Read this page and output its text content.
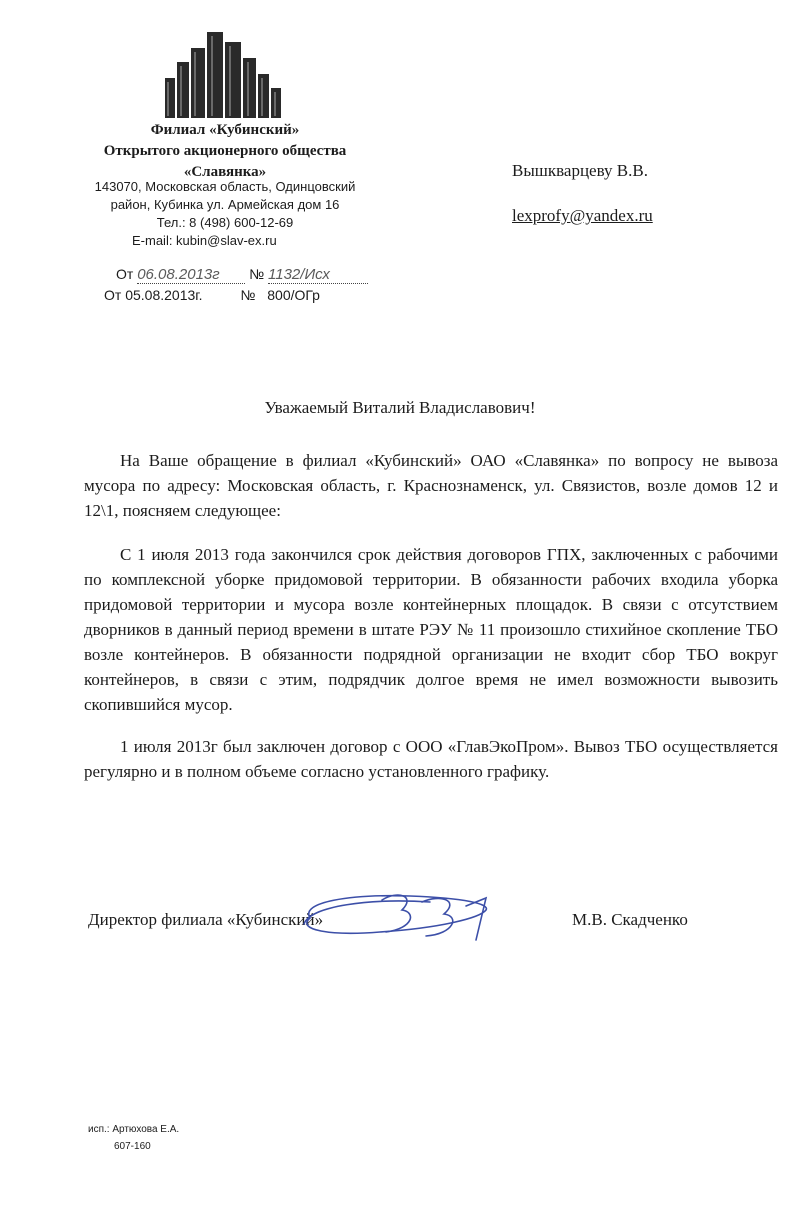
Филиал «Кубинский»
Открытого акционерного общества
«Славянка»
143070, Московская область, Одинцовский
район, Кубинка ул. Армейская дом 16
Тел.: 8 (498) 600-12-69
E-mail: kubin@slav-ex.ru
От 06.08.2013г № 1132/Исх
От 05.08.2013г.	№ 800/ОГр
Вышкварцеву В.В.
lexprofy@yandex.ru
Уважаемый Виталий Владиславович!

На Ваше обращение в филиал «Кубинский» ОАО «Славянка» по вопросу не вывоза мусора по адресу: Московская область, г. Краснознаменск, ул. Связистов, возле домов 12 и 12\1, поясняем следующее:

С 1 июля 2013 года закончился срок действия договоров ГПХ, заключенных с рабочими по комплексной уборке придомовой территории. В обязанности рабочих входила уборка придомовой территории и мусора возле контейнерных площадок. В связи с отсутствием дворников в данный период времени в штате РЭУ № 11 произошло стихийное скопление ТБО возле контейнеров. В обязанности подрядной организации не входит сбор ТБО вокруг контейнеров, в связи с этим, подрядчик долгое время не имел возможности вывозить скопившийся мусор.

1 июля 2013г был заключен договор с ООО «ГлавЭкоПром». Вывоз ТБО осуществляется регулярно и в полном объеме согласно установленного графику.

Директор филиала «Кубинский»	М.В. Скадченко
исп.: Артюхова Е.А.
607-160
